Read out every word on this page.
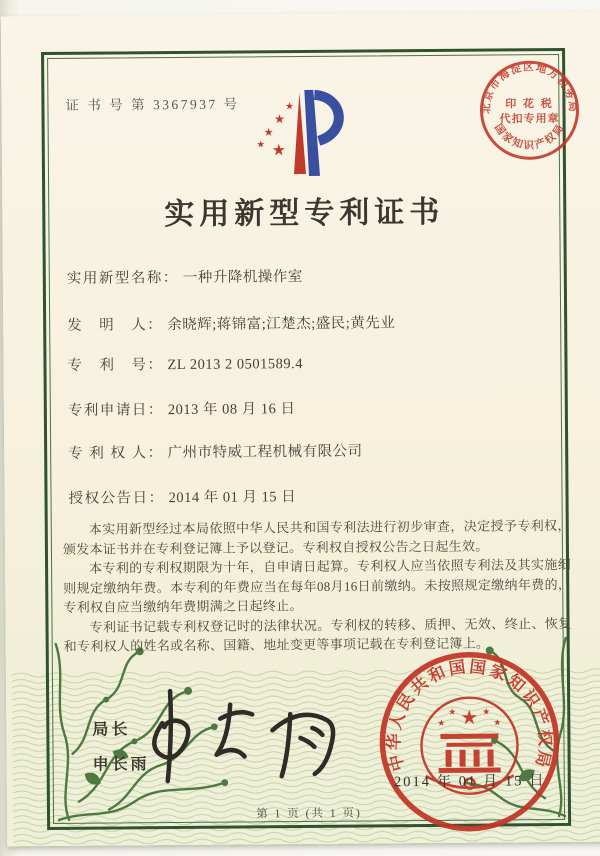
证 书 号 第 3367937 号	北京市海淀区地方税务局
国家知识产权局
印 花 税
代扣专用章
实用新型专利证书
实用新型名称： 一种升降机操作室
发　明　人： 余晓辉;蒋锦富;江楚杰;盛民;黄先业
专　利　号： ZL 2013 2 0501589.4
专利申请日： 2013 年 08 月 16 日
专 利 权 人： 广州市特威工程机械有限公司
授权公告日： 2014 年 01 月 15 日

本实用新型经过本局依照中华人民共和国专利法进行初步审查，决定授予专利权，颁发本证书并在专利登记簿上予以登记。专利权自授权公告之日起生效。

本专利的专利权期限为十年，自申请日起算。专利权人应当依照专利法及其实施细则规定缴纳年费。本专利的年费应当在每年08月16日前缴纳。未按照规定缴纳年费的，专利权自应当缴纳年费期满之日起终止。

专利证书记载专利权登记时的法律状况。专利权的转移、质押、无效、终止、恢复和专利权人的姓名或名称、国籍、地址变更等事项记载在专利登记簿上。

局长
申长雨	中华人民共和国国家知识产权局
2014 年 01 月 15 日
第 1 页 (共 1 页)
